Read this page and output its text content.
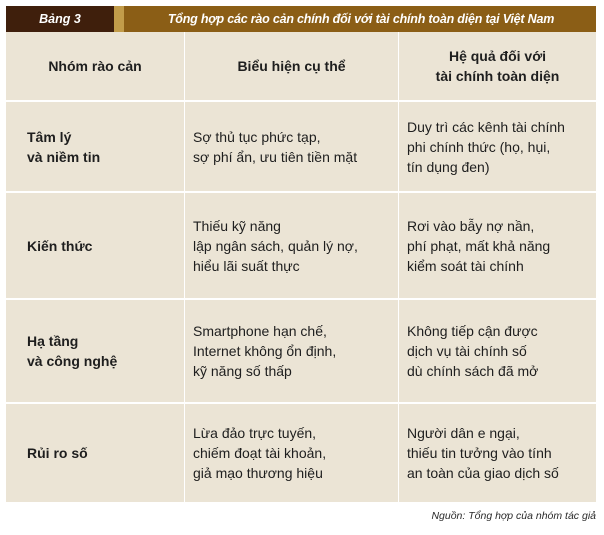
Bảng 3	Tổng hợp các rào cản chính đối với tài chính toàn diện tại Việt Nam
Nhóm rào cản	Biểu hiện cụ thể
Hệ quả đối với
tài chính toàn diện
Tâm lý
và niềm tin
Sợ thủ tục phức tạp,
sợ phí ẩn, ưu tiên tiền mặt
Duy trì các kênh tài chính
phi chính thức (họ, hụi,
tín dụng đen)
Kiến thức
Thiếu kỹ năng
lập ngân sách, quản lý nợ,
hiểu lãi suất thực
Rơi vào bẫy nợ nần,
phí phạt, mất khả năng
kiểm soát tài chính
Hạ tầng
và công nghệ
Smartphone hạn chế,
Internet không ổn định,
kỹ năng số thấp
Không tiếp cận được
dịch vụ tài chính số
dù chính sách đã mở
Rủi ro số
Lừa đảo trực tuyến,
chiếm đoạt tài khoản,
giả mạo thương hiệu
Người dân e ngại,
thiếu tin tưởng vào tính
an toàn của giao dịch số
Nguồn: Tổng hợp của nhóm tác giả
